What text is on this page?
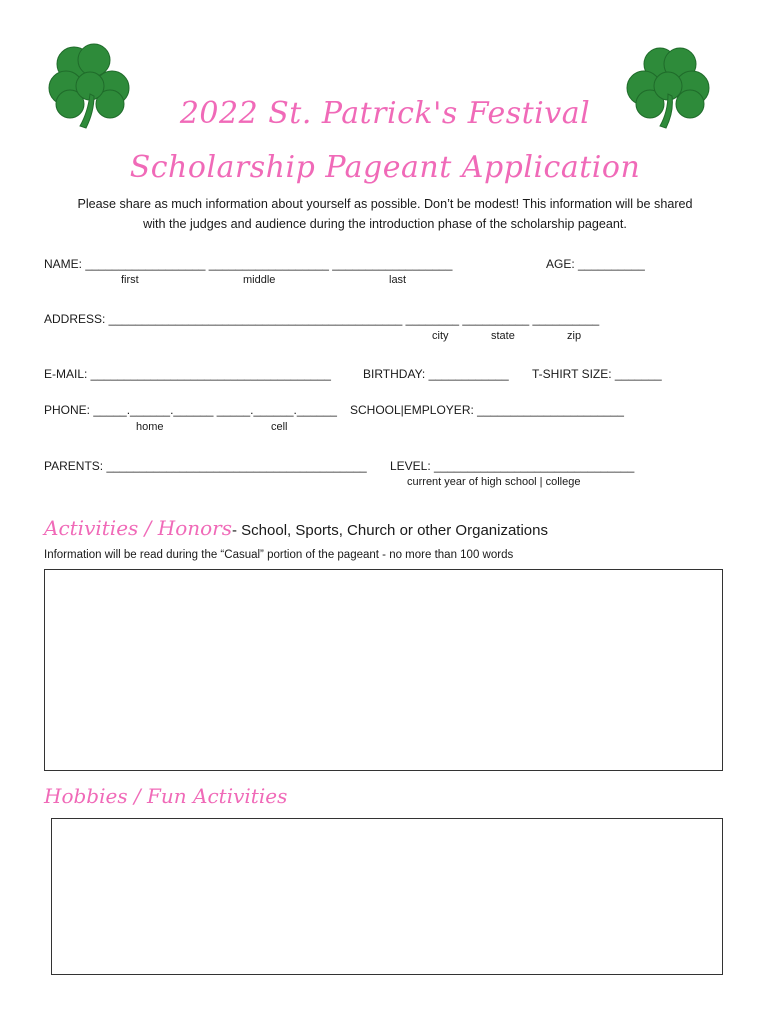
2022 St. Patrick's Festival
Scholarship Pageant Application
Please share as much information about yourself as possible. Don’t be modest! This information will be shared
with the judges and audience during the introduction phase of the scholarship pageant.
NAME: __________________ __________________ __________________	AGE: __________
first	middle	last
ADDRESS: ____________________________________________ ________ __________ __________
city	state	zip
E-MAIL: ____________________________________	BIRTHDAY: ____________ T-SHIRT SIZE: _______
PHONE: _____.______.______ _____.______.______ SCHOOL|EMPLOYER: ______________________
home	cell
PARENTS: _______________________________________ LEVEL: ______________________________
current year of high school | college
Activities / Honors - School, Sports, Church or other Organizations
Information will be read during the “Casual” portion of the pageant - no more than 100 words
Hobbies / Fun Activities
